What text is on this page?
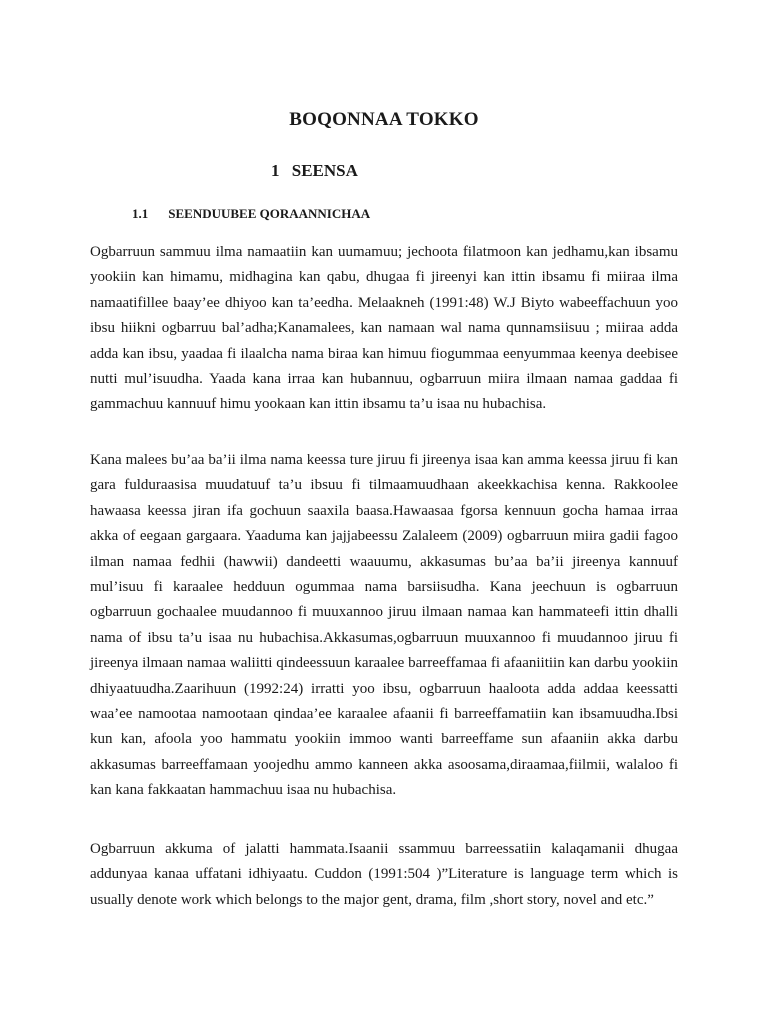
BOQONNAA TOKKO
1 SEENSA
1.1 SEENDUUBEE QORAANNICHAA

Ogbarruun sammuu ilma namaatiin kan uumamuu; jechoota filatmoon kan jedhamu,kan ibsamu yookiin kan himamu, midhagina kan qabu, dhugaa fi jireenyi kan ittin ibsamu fi miiraa ilma namaatifillee baay’ee dhiyoo kan ta’eedha. Melaakneh (1991:48) W.J Biyto wabeeffachuun yoo ibsu hiikni ogbarruu bal’adha;Kanamalees, kan namaan wal nama qunnamsiisuu ; miiraa adda adda kan ibsu, yaadaa fi ilaalcha nama biraa kan himuu fiogummaa eenyummaa keenya deebisee nutti mul’isuudha. Yaada kana irraa kan hubannuu, ogbarruun miira ilmaan namaa gaddaa fi gammachuu kannuuf himu yookaan kan ittin ibsamu ta’u isaa nu hubachisa.

Kana malees bu’aa ba’ii ilma nama keessa ture jiruu fi jireenya isaa kan amma keessa jiruu fi kan gara fulduraasisa muudatuuf ta’u ibsuu fi tilmaamuudhaan akeekkachisa kenna. Rakkoolee hawaasa keessa jiran ifa gochuun saaxila baasa.Hawaasaa fgorsa kennuun gocha hamaa irraa akka of eegaan gargaara. Yaaduma kan jajjabeessu Zalaleem (2009) ogbarruun miira gadii fagoo ilman namaa fedhii (hawwii) dandeetti waauumu, akkasumas bu’aa ba’ii jireenya kannuuf mul’isuu fi karaalee hedduun ogummaa nama barsiisudha. Kana jeechuun is ogbarruun ogbarruun gochaalee muudannoo fi muuxannoo jiruu ilmaan namaa kan hammateefi ittin dhalli nama of ibsu ta’u isaa nu hubachisa.Akkasumas,ogbarruun muuxannoo fi muudannoo jiruu fi jireenya ilmaan namaa waliitti qindeessuun karaalee barreeffamaa fi afaaniitiin kan darbu yookiin dhiyaatuudha.Zaarihuun (1992:24) irratti yoo ibsu, ogbarruun haaloota adda addaa keessatti waa’ee namootaa namootaan qindaa’ee karaalee afaanii fi barreeffamatiin kan ibsamuudha.Ibsi kun kan, afoola yoo hammatu yookiin immoo wanti barreeffame sun afaaniin akka darbu akkasumas barreeffamaan yoojedhu ammo kanneen akka asoosama,diraamaa,fiilmii, walaloo fi kan kana fakkaatan hammachuu isaa nu hubachisa.

Ogbarruun akkuma of jalatti hammata.Isaanii ssammuu barreessatiin kalaqamanii dhugaa addunyaa kanaa uffatani idhiyaatu. Cuddon (1991:504 )”Literature is language term which is usually denote work which belongs to the major gent, drama, film ,short story, novel and etc.”
